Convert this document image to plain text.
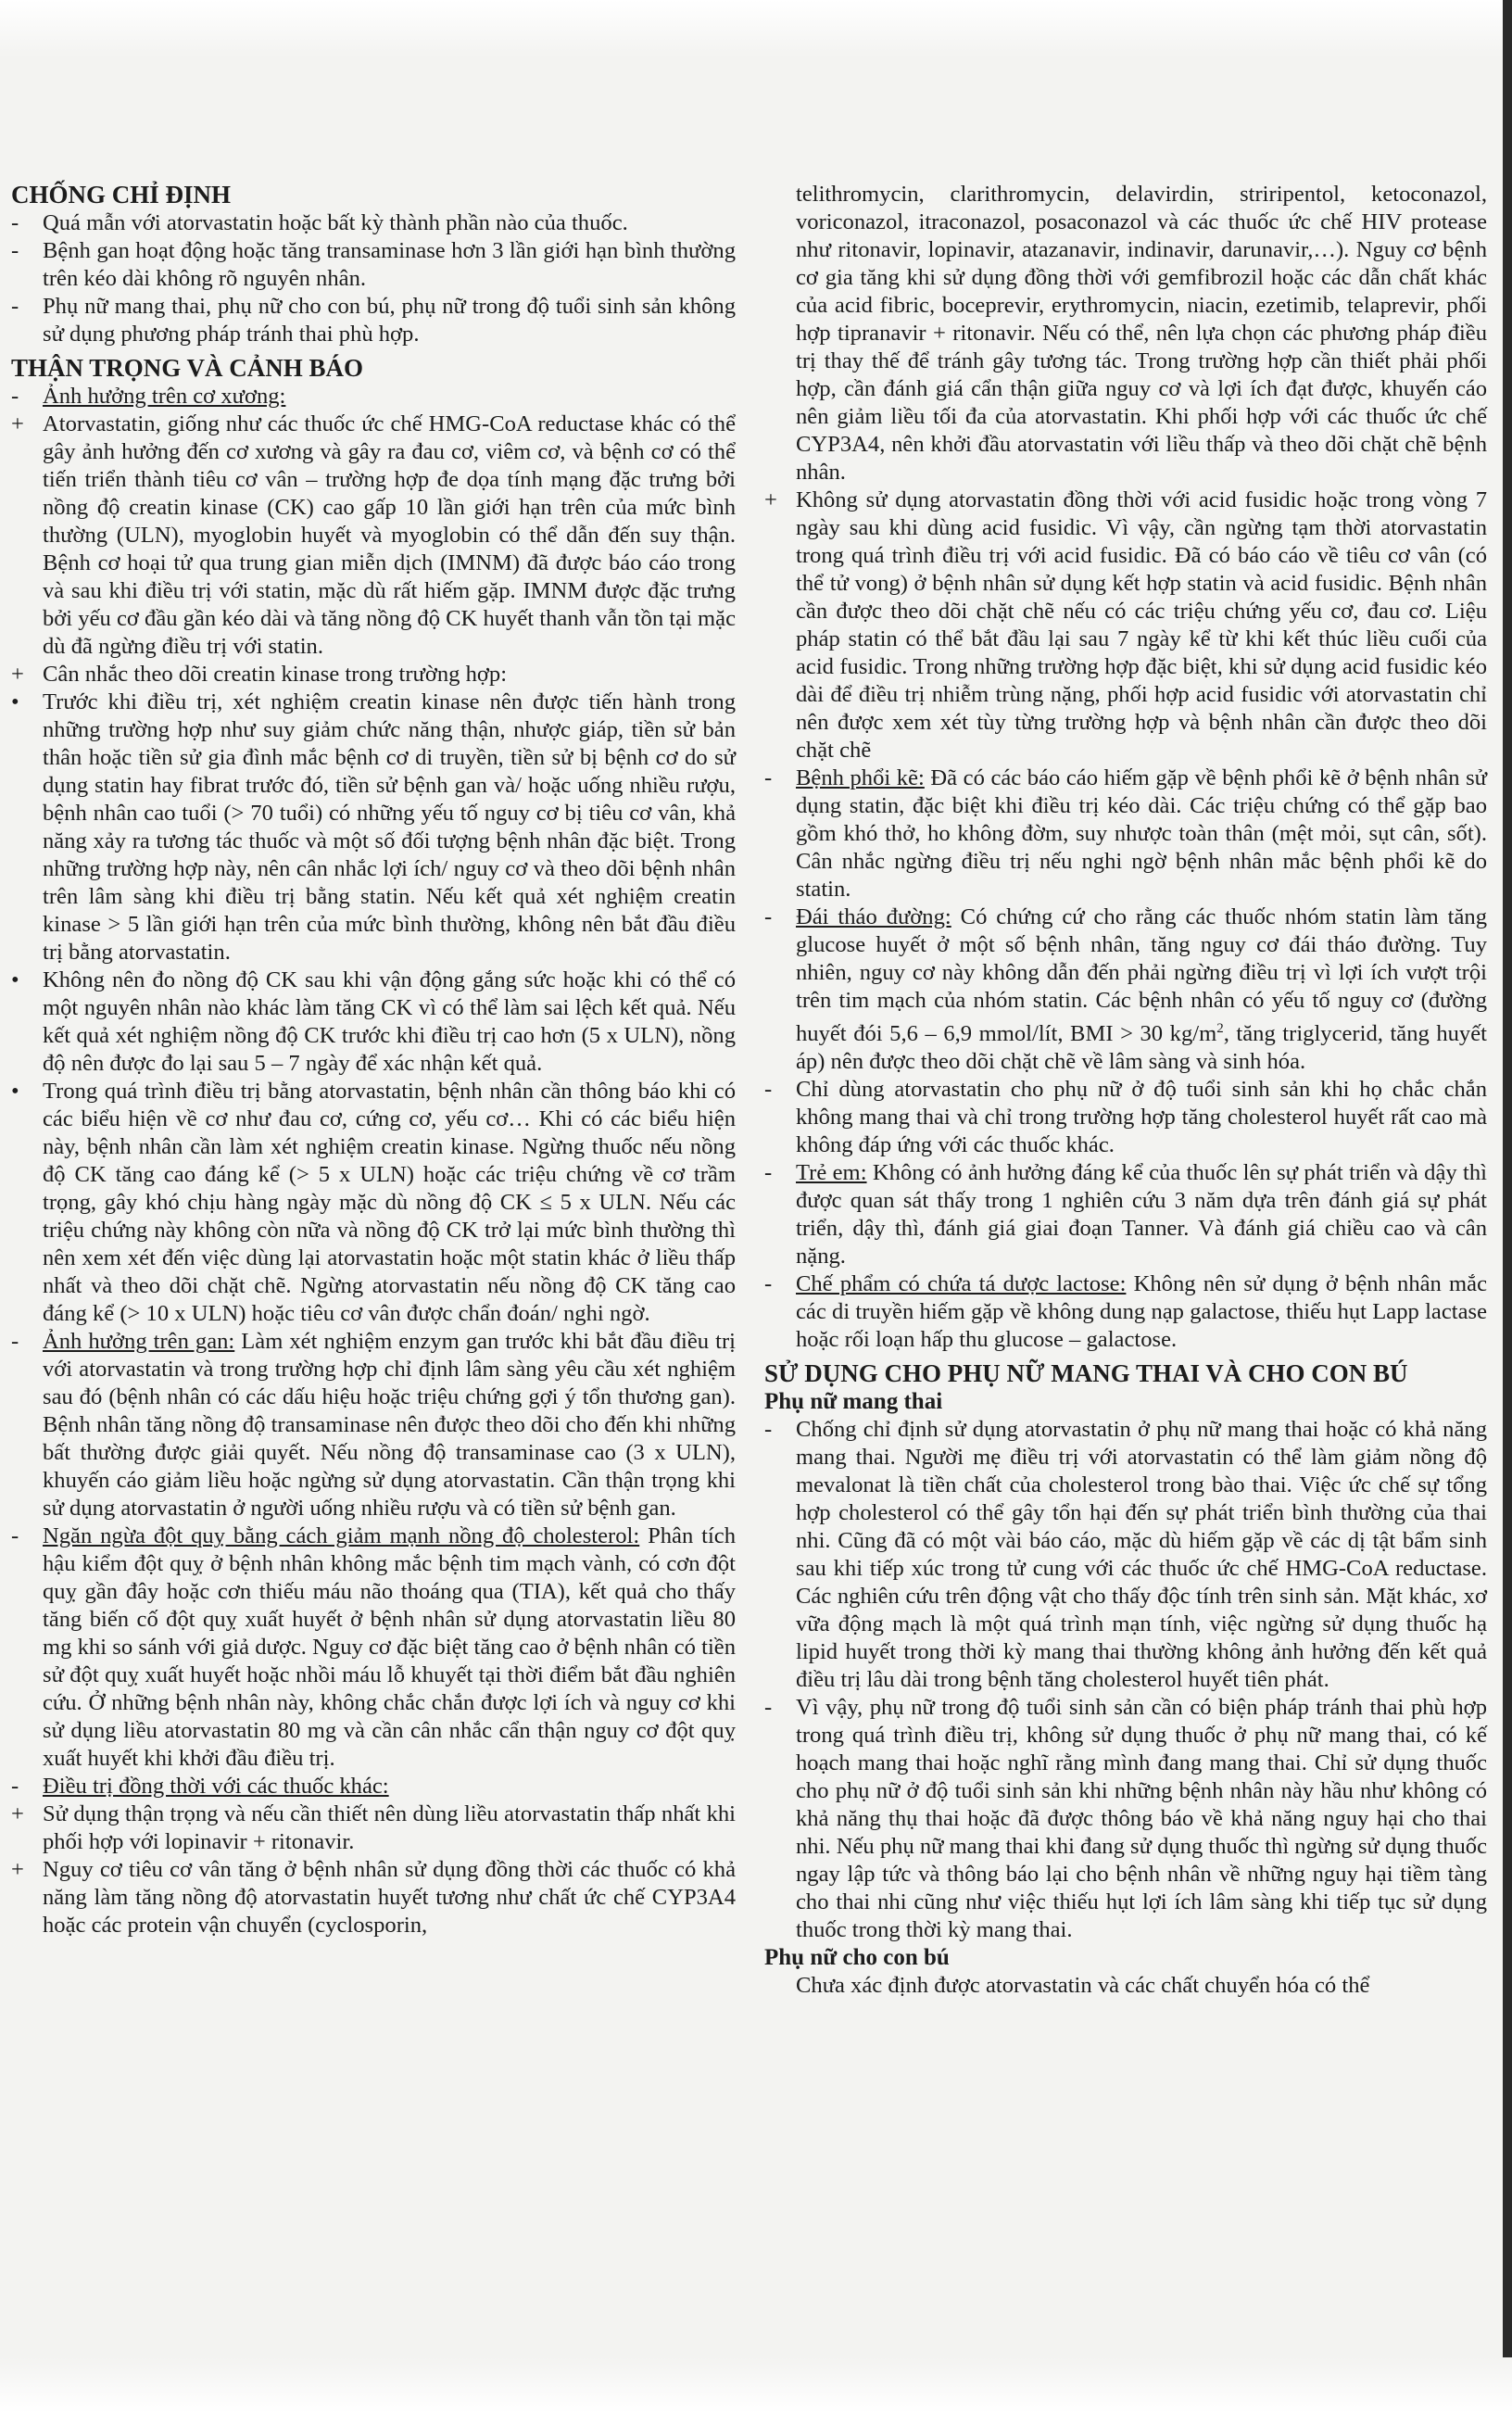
CHỐNG CHỈ ĐỊNH

- Quá mẫn với atorvastatin hoặc bất kỳ thành phần nào của thuốc.

- Bệnh gan hoạt động hoặc tăng transaminase hơn 3 lần giới hạn bình thường trên kéo dài không rõ nguyên nhân.

- Phụ nữ mang thai, phụ nữ cho con bú, phụ nữ trong độ tuổi sinh sản không sử dụng phương pháp tránh thai phù hợp.

THẬN TRỌNG VÀ CẢNH BÁO

- Ảnh hưởng trên cơ xương:

+ Atorvastatin, giống như các thuốc ức chế HMG-CoA reductase khác có thể gây ảnh hưởng đến cơ xương và gây ra đau cơ, viêm cơ, và bệnh cơ có thể tiến triển thành tiêu cơ vân – trường hợp đe dọa tính mạng đặc trưng bởi nồng độ creatin kinase (CK) cao gấp 10 lần giới hạn trên của mức bình thường (ULN), myoglobin huyết và myoglobin có thể dẫn đến suy thận. Bệnh cơ hoại tử qua trung gian miễn dịch (IMNM) đã được báo cáo trong và sau khi điều trị với statin, mặc dù rất hiếm gặp. IMNM được đặc trưng bởi yếu cơ đầu gần kéo dài và tăng nồng độ CK huyết thanh vẫn tồn tại mặc dù đã ngừng điều trị với statin.

+ Cân nhắc theo dõi creatin kinase trong trường hợp:

• Trước khi điều trị, xét nghiệm creatin kinase nên được tiến hành trong những trường hợp như suy giảm chức năng thận, nhược giáp, tiền sử bản thân hoặc tiền sử gia đình mắc bệnh cơ di truyền, tiền sử bị bệnh cơ do sử dụng statin hay fibrat trước đó, tiền sử bệnh gan và/ hoặc uống nhiều rượu, bệnh nhân cao tuổi (> 70 tuổi) có những yếu tố nguy cơ bị tiêu cơ vân, khả năng xảy ra tương tác thuốc và một số đối tượng bệnh nhân đặc biệt. Trong những trường hợp này, nên cân nhắc lợi ích/ nguy cơ và theo dõi bệnh nhân trên lâm sàng khi điều trị bằng statin. Nếu kết quả xét nghiệm creatin kinase > 5 lần giới hạn trên của mức bình thường, không nên bắt đầu điều trị bằng atorvastatin.

• Không nên đo nồng độ CK sau khi vận động gắng sức hoặc khi có thể có một nguyên nhân nào khác làm tăng CK vì có thể làm sai lệch kết quả. Nếu kết quả xét nghiệm nồng độ CK trước khi điều trị cao hơn (5 x ULN), nồng độ nên được đo lại sau 5 – 7 ngày để xác nhận kết quả.

• Trong quá trình điều trị bằng atorvastatin, bệnh nhân cần thông báo khi có các biểu hiện về cơ như đau cơ, cứng cơ, yếu cơ… Khi có các biểu hiện này, bệnh nhân cần làm xét nghiệm creatin kinase. Ngừng thuốc nếu nồng độ CK tăng cao đáng kể (> 5 x ULN) hoặc các triệu chứng về cơ trầm trọng, gây khó chịu hàng ngày mặc dù nồng độ CK ≤ 5 x ULN. Nếu các triệu chứng này không còn nữa và nồng độ CK trở lại mức bình thường thì nên xem xét đến việc dùng lại atorvastatin hoặc một statin khác ở liều thấp nhất và theo dõi chặt chẽ. Ngừng atorvastatin nếu nồng độ CK tăng cao đáng kể (> 10 x ULN) hoặc tiêu cơ vân được chẩn đoán/ nghi ngờ.

- Ảnh hưởng trên gan: Làm xét nghiệm enzym gan trước khi bắt đầu điều trị với atorvastatin và trong trường hợp chỉ định lâm sàng yêu cầu xét nghiệm sau đó (bệnh nhân có các dấu hiệu hoặc triệu chứng gợi ý tổn thương gan). Bệnh nhân tăng nồng độ transaminase nên được theo dõi cho đến khi những bất thường được giải quyết. Nếu nồng độ transaminase cao (3 x ULN), khuyến cáo giảm liều hoặc ngừng sử dụng atorvastatin. Cần thận trọng khi sử dụng atorvastatin ở người uống nhiều rượu và có tiền sử bệnh gan.

- Ngăn ngừa đột quỵ bằng cách giảm mạnh nồng độ cholesterol: Phân tích hậu kiểm đột quỵ ở bệnh nhân không mắc bệnh tim mạch vành, có cơn đột quỵ gần đây hoặc cơn thiếu máu não thoáng qua (TIA), kết quả cho thấy tăng biến cố đột quỵ xuất huyết ở bệnh nhân sử dụng atorvastatin liều 80 mg khi so sánh với giả dược. Nguy cơ đặc biệt tăng cao ở bệnh nhân có tiền sử đột quỵ xuất huyết hoặc nhồi máu lỗ khuyết tại thời điểm bắt đầu nghiên cứu. Ở những bệnh nhân này, không chắc chắn được lợi ích và nguy cơ khi sử dụng liều atorvastatin 80 mg và cần cân nhắc cẩn thận nguy cơ đột quỵ xuất huyết khi khởi đầu điều trị.

- Điều trị đồng thời với các thuốc khác:

+ Sử dụng thận trọng và nếu cần thiết nên dùng liều atorvastatin thấp nhất khi phối hợp với lopinavir + ritonavir.

+ Nguy cơ tiêu cơ vân tăng ở bệnh nhân sử dụng đồng thời các thuốc có khả năng làm tăng nồng độ atorvastatin huyết tương như chất ức chế CYP3A4 hoặc các protein vận chuyển (cyclosporin,

telithromycin, clarithromycin, delavirdin, striripentol, ketoconazol, voriconazol, itraconazol, posaconazol và các thuốc ức chế HIV protease như ritonavir, lopinavir, atazanavir, indinavir, darunavir,…). Nguy cơ bệnh cơ gia tăng khi sử dụng đồng thời với gemfibrozil hoặc các dẫn chất khác của acid fibric, boceprevir, erythromycin, niacin, ezetimib, telaprevir, phối hợp tipranavir + ritonavir. Nếu có thể, nên lựa chọn các phương pháp điều trị thay thế để tránh gây tương tác. Trong trường hợp cần thiết phải phối hợp, cần đánh giá cẩn thận giữa nguy cơ và lợi ích đạt được, khuyến cáo nên giảm liều tối đa của atorvastatin. Khi phối hợp với các thuốc ức chế CYP3A4, nên khởi đầu atorvastatin với liều thấp và theo dõi chặt chẽ bệnh nhân.

+ Không sử dụng atorvastatin đồng thời với acid fusidic hoặc trong vòng 7 ngày sau khi dùng acid fusidic. Vì vậy, cần ngừng tạm thời atorvastatin trong quá trình điều trị với acid fusidic. Đã có báo cáo về tiêu cơ vân (có thể tử vong) ở bệnh nhân sử dụng kết hợp statin và acid fusidic. Bệnh nhân cần được theo dõi chặt chẽ nếu có các triệu chứng yếu cơ, đau cơ. Liệu pháp statin có thể bắt đầu lại sau 7 ngày kể từ khi kết thúc liều cuối của acid fusidic. Trong những trường hợp đặc biệt, khi sử dụng acid fusidic kéo dài để điều trị nhiễm trùng nặng, phối hợp acid fusidic với atorvastatin chỉ nên được xem xét tùy từng trường hợp và bệnh nhân cần được theo dõi chặt chẽ

- Bệnh phổi kẽ: Đã có các báo cáo hiếm gặp về bệnh phổi kẽ ở bệnh nhân sử dụng statin, đặc biệt khi điều trị kéo dài. Các triệu chứng có thể gặp bao gồm khó thở, ho không đờm, suy nhược toàn thân (mệt mỏi, sụt cân, sốt). Cân nhắc ngừng điều trị nếu nghi ngờ bệnh nhân mắc bệnh phổi kẽ do statin.

- Đái tháo đường: Có chứng cứ cho rằng các thuốc nhóm statin làm tăng glucose huyết ở một số bệnh nhân, tăng nguy cơ đái tháo đường. Tuy nhiên, nguy cơ này không dẫn đến phải ngừng điều trị vì lợi ích vượt trội trên tim mạch của nhóm statin. Các bệnh nhân có yếu tố nguy cơ (đường huyết đói 5,6 – 6,9 mmol/lít, BMI > 30 $kg/m^2$, tăng triglycerid, tăng huyết áp) nên được theo dõi chặt chẽ về lâm sàng và sinh hóa.

- Chỉ dùng atorvastatin cho phụ nữ ở độ tuổi sinh sản khi họ chắc chắn không mang thai và chỉ trong trường hợp tăng cholesterol huyết rất cao mà không đáp ứng với các thuốc khác.

- Trẻ em: Không có ảnh hưởng đáng kể của thuốc lên sự phát triển và dậy thì được quan sát thấy trong 1 nghiên cứu 3 năm dựa trên đánh giá sự phát triển, dậy thì, đánh giá giai đoạn Tanner. Và đánh giá chiều cao và cân nặng.

- Chế phẩm có chứa tá dược lactose: Không nên sử dụng ở bệnh nhân mắc các di truyền hiếm gặp về không dung nạp galactose, thiếu hụt Lapp lactase hoặc rối loạn hấp thu glucose – galactose.

SỬ DỤNG CHO PHỤ NỮ MANG THAI VÀ CHO CON BÚ

Phụ nữ mang thai

- Chống chỉ định sử dụng atorvastatin ở phụ nữ mang thai hoặc có khả năng mang thai. Người mẹ điều trị với atorvastatin có thể làm giảm nồng độ mevalonat là tiền chất của cholesterol trong bào thai. Việc ức chế sự tổng hợp cholesterol có thể gây tổn hại đến sự phát triển bình thường của thai nhi. Cũng đã có một vài báo cáo, mặc dù hiếm gặp về các dị tật bẩm sinh sau khi tiếp xúc trong tử cung với các thuốc ức chế HMG-CoA reductase. Các nghiên cứu trên động vật cho thấy độc tính trên sinh sản. Mặt khác, xơ vữa động mạch là một quá trình mạn tính, việc ngừng sử dụng thuốc hạ lipid huyết trong thời kỳ mang thai thường không ảnh hưởng đến kết quả điều trị lâu dài trong bệnh tăng cholesterol huyết tiên phát.

- Vì vậy, phụ nữ trong độ tuổi sinh sản cần có biện pháp tránh thai phù hợp trong quá trình điều trị, không sử dụng thuốc ở phụ nữ mang thai, có kế hoạch mang thai hoặc nghĩ rằng mình đang mang thai. Chỉ sử dụng thuốc cho phụ nữ ở độ tuổi sinh sản khi những bệnh nhân này hầu như không có khả năng thụ thai hoặc đã được thông báo về khả năng nguy hại cho thai nhi. Nếu phụ nữ mang thai khi đang sử dụng thuốc thì ngừng sử dụng thuốc ngay lập tức và thông báo lại cho bệnh nhân về những nguy hại tiềm tàng cho thai nhi cũng như việc thiếu hụt lợi ích lâm sàng khi tiếp tục sử dụng thuốc trong thời kỳ mang thai.

Phụ nữ cho con bú

Chưa xác định được atorvastatin và các chất chuyển hóa có thể
